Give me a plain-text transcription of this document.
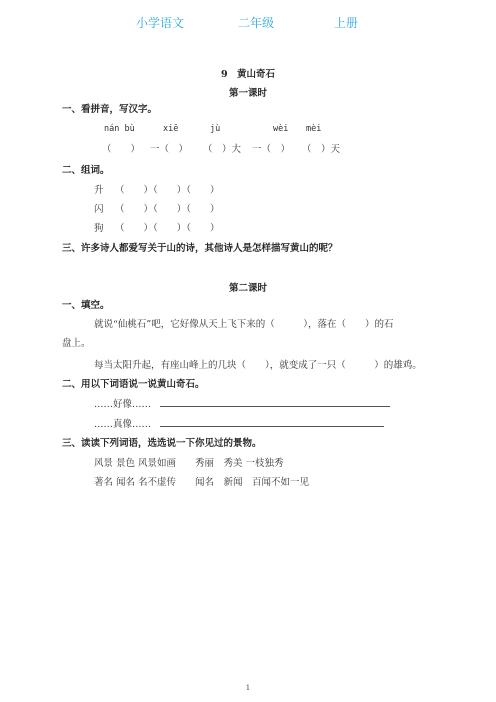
小学语文	二年级	上册
9　黄山奇石
第一课时
一、看拼音，写汉字。
nán bù	xiē	jù	wèi mèi
（　　） 一（　） （　）大 一（　） （　）天
二、组词。
升 （　　）（　　）（　　）
闪 （　　）（　　）（　　）
狗 （　　）（　　）（　　）
三、许多诗人都爱写关于山的诗，其他诗人是怎样描写黄山的呢？
第二课时
一、填空。
就说“仙桃石”吧，它好像从天上飞下来的（　　　），落在（　　）的石
盘上。
每当太阳升起，有座山峰上的几块（　　），就变成了一只（　　　）的雄鸡。
二、用以下词语说一说黄山奇石。
……好像……
……真像……
三、读读下列词语，选选说一下你见过的景物。
风景 景色 风景如画　　秀丽　秀美 一枝独秀
著名 闻名 名不虚传　　闻名　新闻　百闻不如一见
1
